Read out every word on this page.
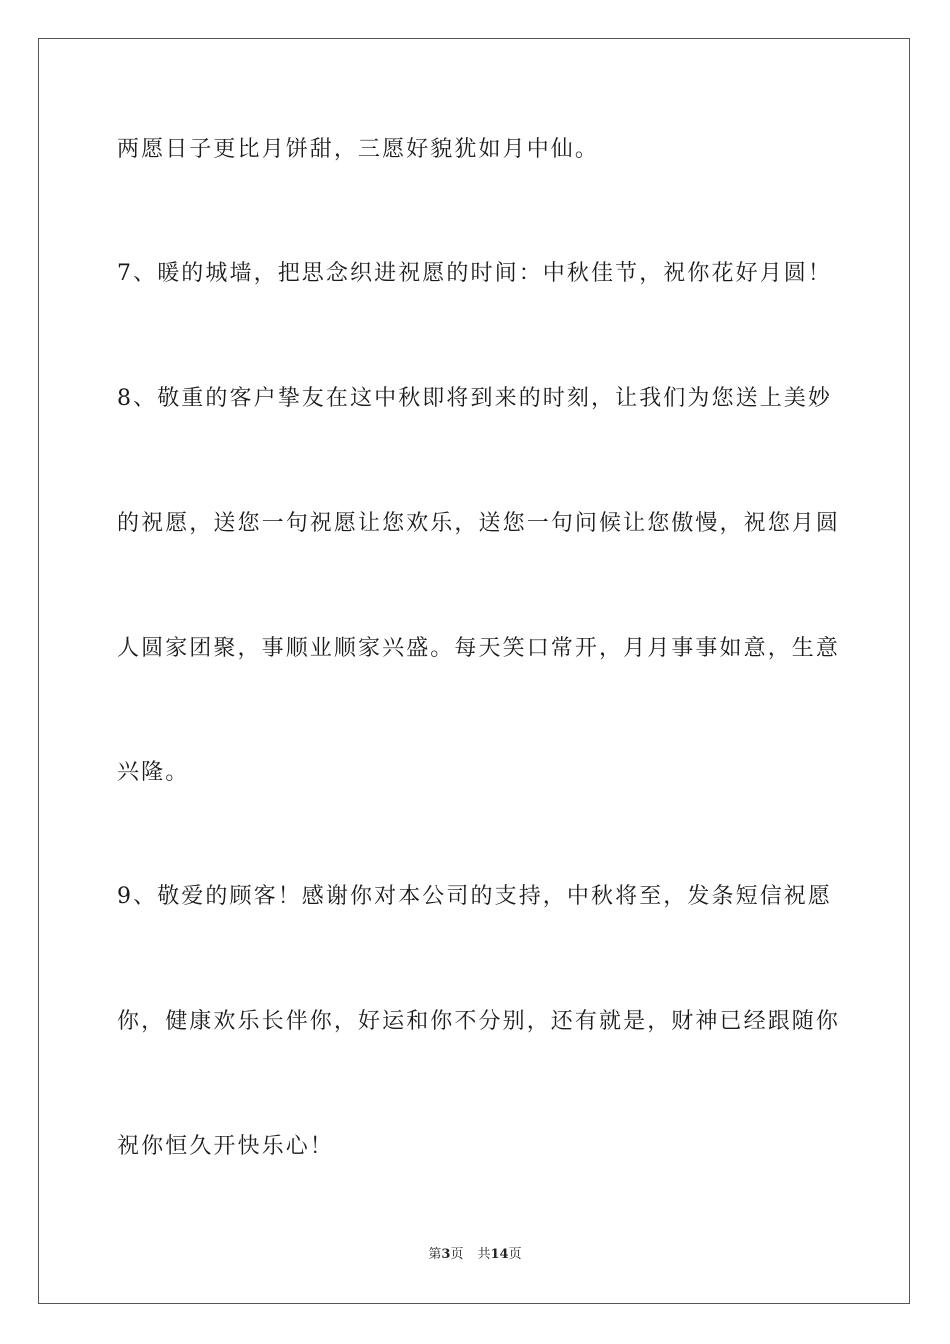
两愿日子更比月饼甜，三愿好貌犹如月中仙。
7、暖的城墙，把思念织进祝愿的时间：中秋佳节，祝你花好月圆！
8、敬重的客户挚友在这中秋即将到来的时刻，让我们为您送上美妙
的祝愿，送您一句祝愿让您欢乐，送您一句问候让您傲慢，祝您月圆
人圆家团聚，事顺业顺家兴盛。每天笑口常开，月月事事如意，生意
兴隆。
9、敬爱的顾客！感谢你对本公司的支持，中秋将至，发条短信祝愿
你，健康欢乐长伴你，好运和你不分别，还有就是，财神已经跟随你
祝你恒久开快乐心！
第3页 共14页
